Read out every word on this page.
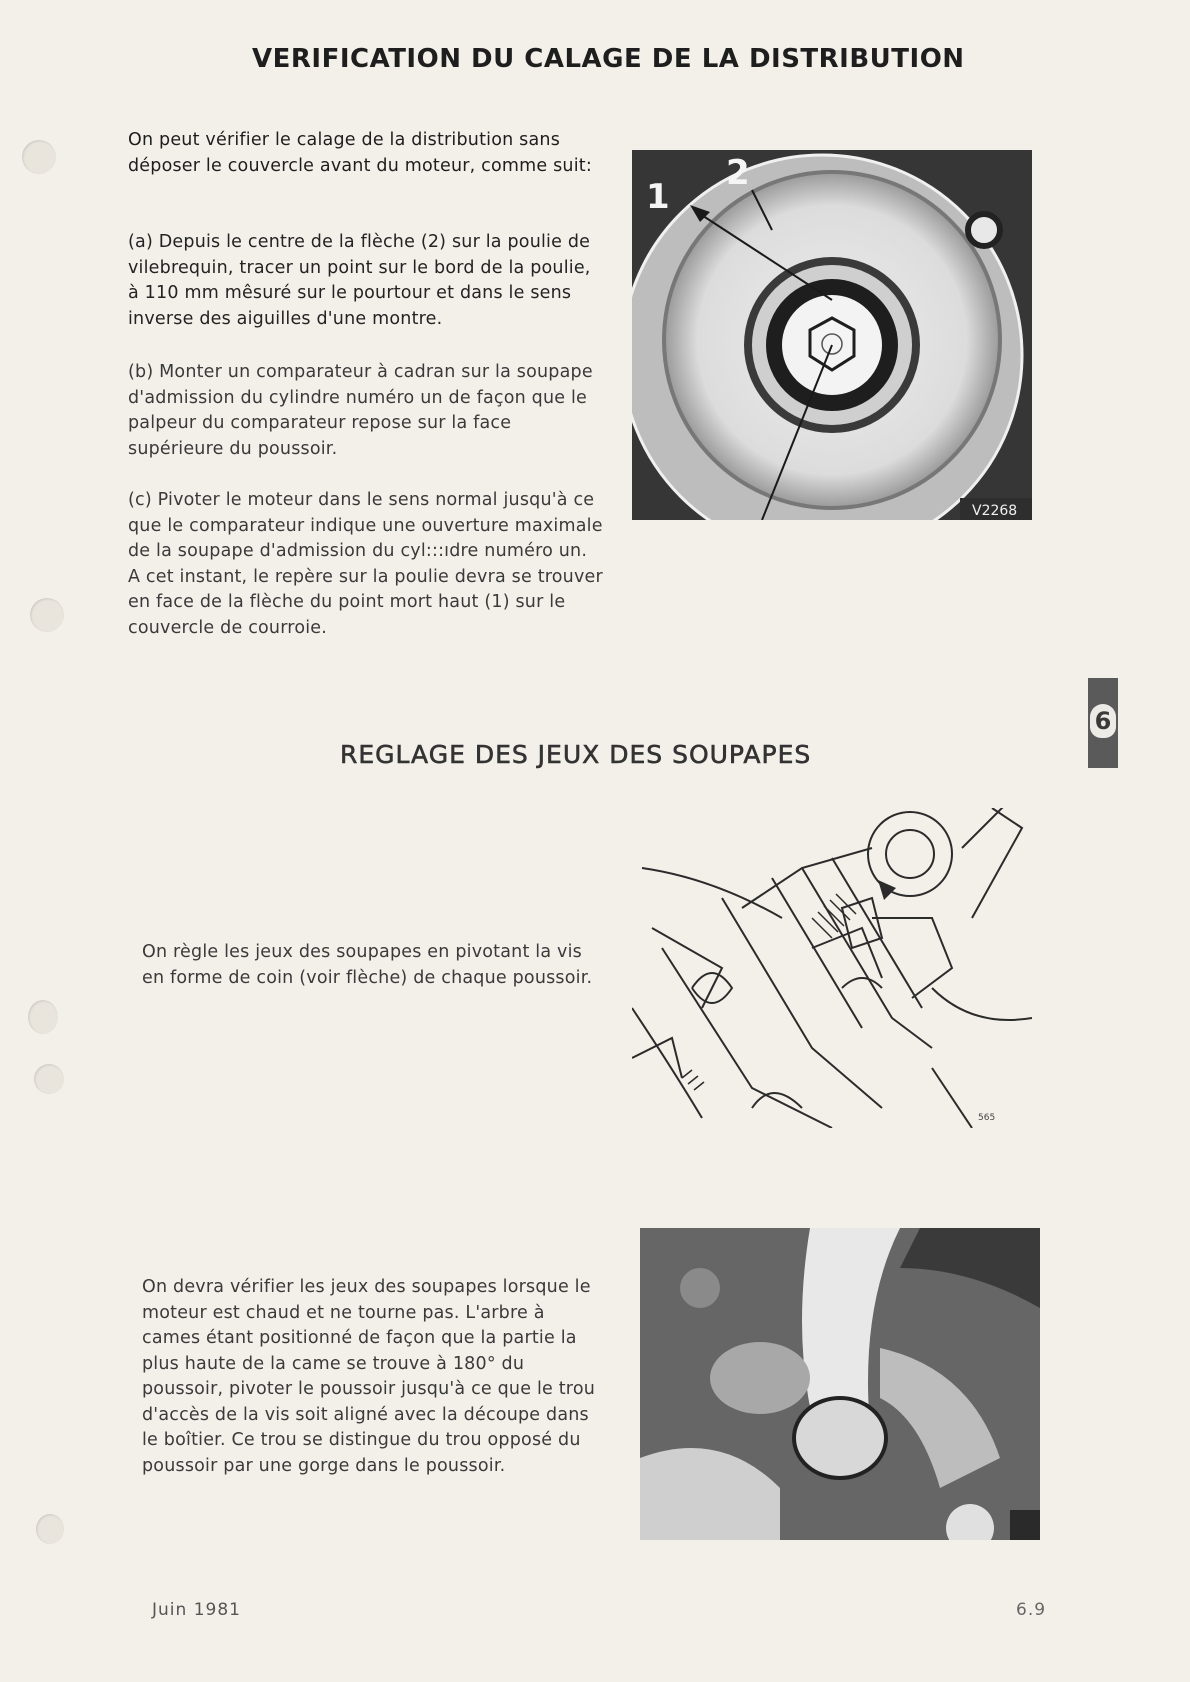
VERIFICATION DU CALAGE DE LA DISTRIBUTION

On peut vérifier le calage de la distribution sans déposer le couvercle avant du moteur, comme suit:

(a) Depuis le centre de la flèche (2) sur la poulie de vilebrequin, tracer un point sur le bord de la poulie, à 110 mm mêsuré sur le pourtour et dans le sens inverse des aiguilles d'une montre.

(b) Monter un comparateur à cadran sur la soupape d'admission du cylindre numéro un de façon que le palpeur du comparateur repose sur la face supérieure du poussoir.

(c) Pivoter le moteur dans le sens normal jusqu'à ce que le comparateur indique une ouverture maximale de la soupape d'admission du cyl:::ıdre numéro un. A cet instant, le repère sur la poulie devra se trouver en face de la flèche du point mort haut (1) sur le couvercle de courroie.

1
2
V2268
6
REGLAGE DES JEUX DES SOUPAPES

On règle les jeux des soupapes en pivotant la vis en forme de coin (voir flèche) de chaque poussoir.

565

On devra vérifier les jeux des soupapes lorsque le moteur est chaud et ne tourne pas. L'arbre à cames étant positionné de façon que la partie la plus haute de la came se trouve à 180° du poussoir, pivoter le poussoir jusqu'à ce que le trou d'accès de la vis soit aligné avec la découpe dans le boîtier. Ce trou se distingue du trou opposé du poussoir par une gorge dans le poussoir.

Juin 1981	6.9
